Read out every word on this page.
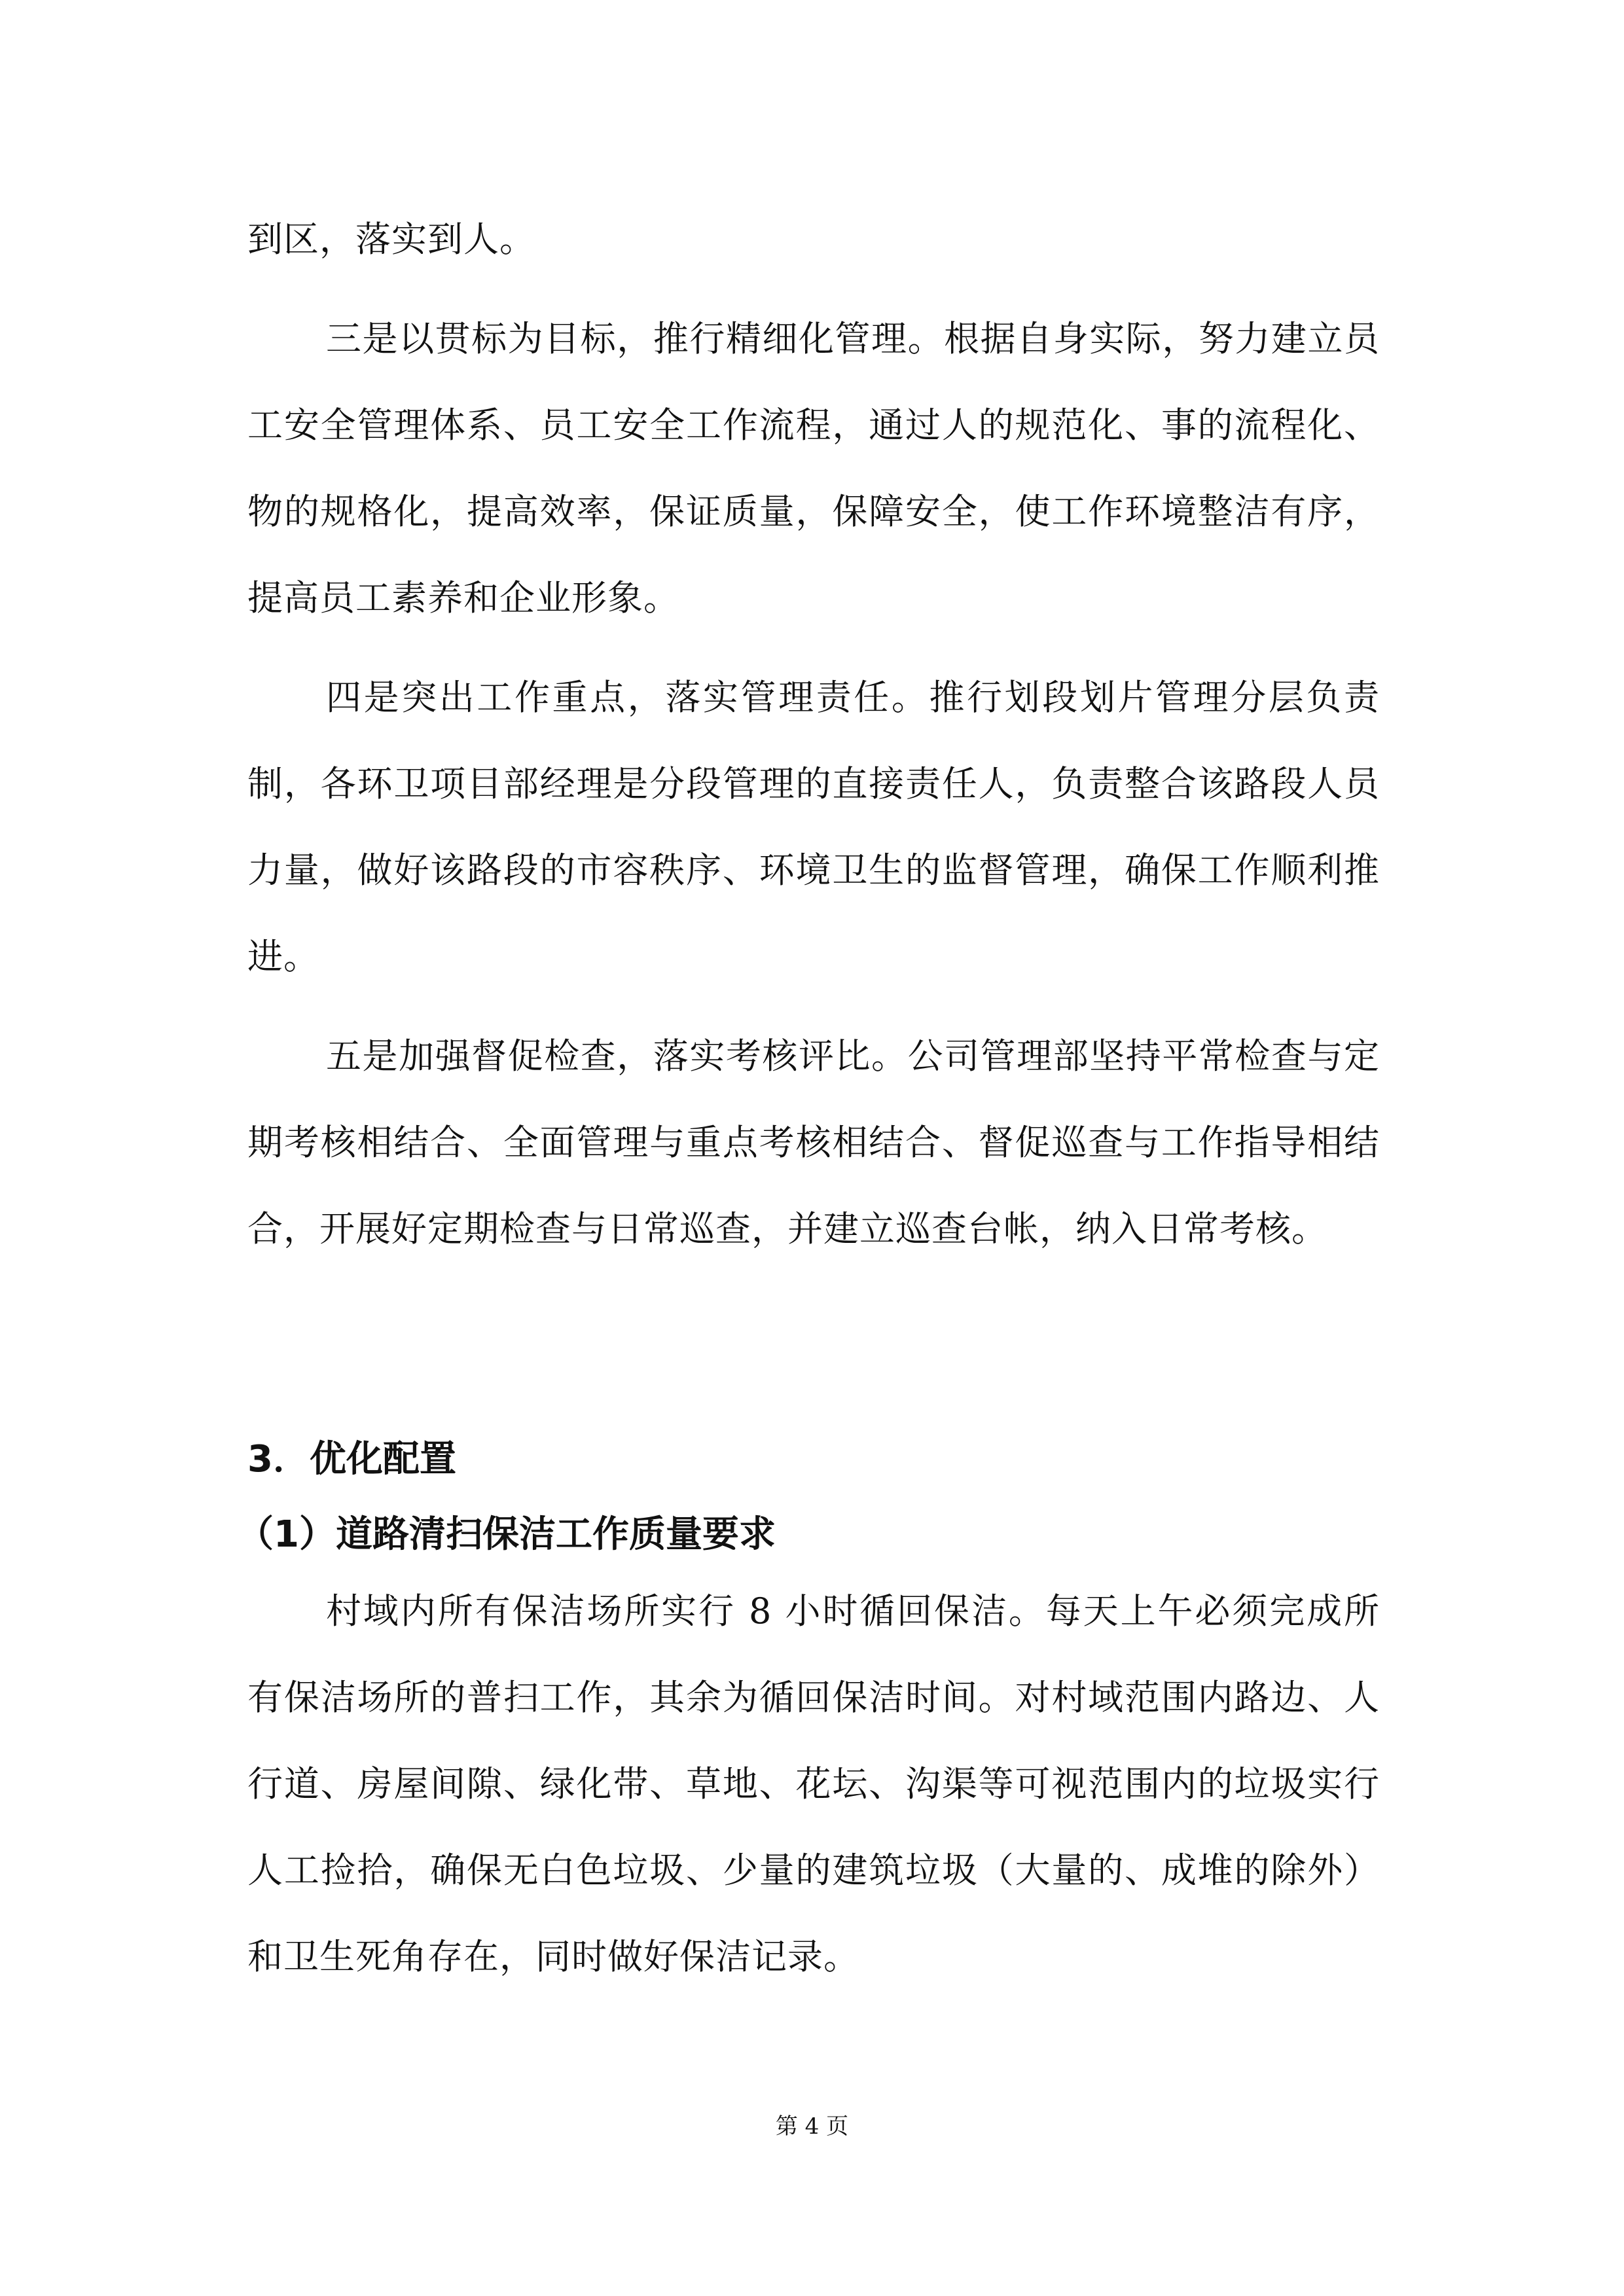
到区，落实到人。

三是以贯标为目标，推行精细化管理。根据自身实际，努力建立员工安全管理体系、员工安全工作流程，通过人的规范化、事的流程化、物的规格化，提高效率，保证质量，保障安全，使工作环境整洁有序，提高员工素养和企业形象。

四是突出工作重点，落实管理责任。推行划段划片管理分层负责制，各环卫项目部经理是分段管理的直接责任人，负责整合该路段人员力量，做好该路段的市容秩序、环境卫生的监督管理，确保工作顺利推进。

五是加强督促检查，落实考核评比。公司管理部坚持平常检查与定期考核相结合、全面管理与重点考核相结合、督促巡查与工作指导相结合，开展好定期检查与日常巡查，并建立巡查台帐，纳入日常考核。

3．优化配置
（1）道路清扫保洁工作质量要求

村域内所有保洁场所实行 8 小时循回保洁。每天上午必须完成所有保洁场所的普扫工作，其余为循回保洁时间。对村域范围内路边、人行道、房屋间隙、绿化带、草地、花坛、沟渠等可视范围内的垃圾实行人工捡拾，确保无白色垃圾、少量的建筑垃圾（大量的、成堆的除外）和卫生死角存在，同时做好保洁记录。

第 4 页
